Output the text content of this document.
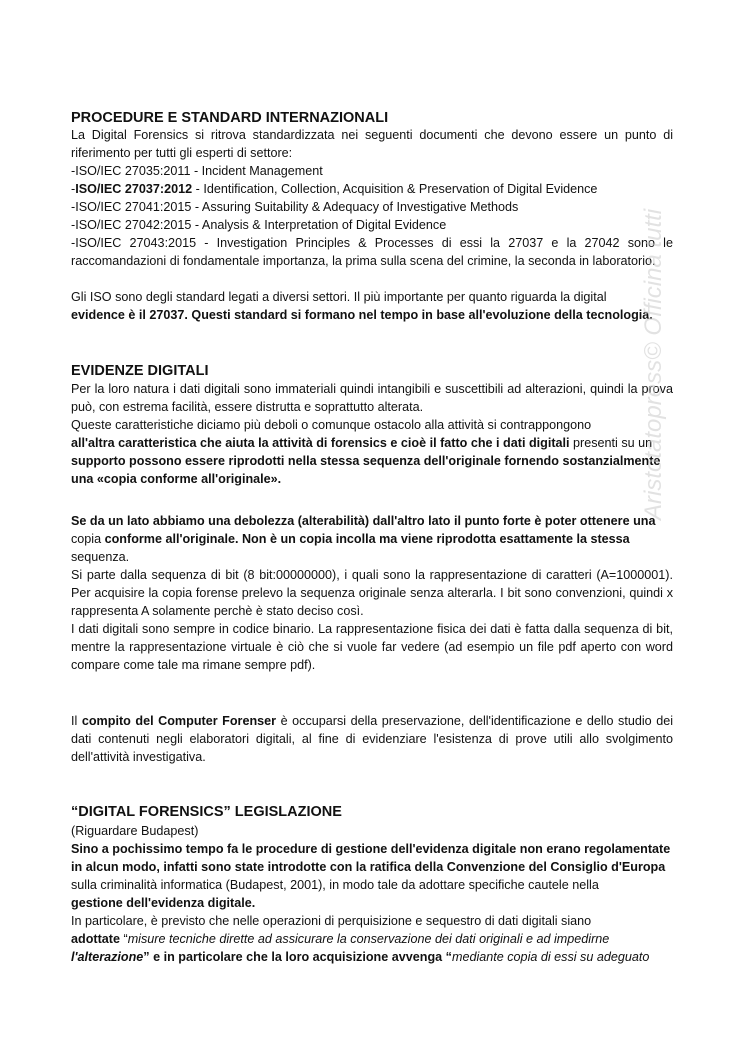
PROCEDURE E STANDARD INTERNAZIONALI
La Digital Forensics si ritrova standardizzata nei seguenti documenti che devono essere un punto di riferimento per tutti gli esperti di settore:
-ISO/IEC 27035:2011 - Incident Management
-ISO/IEC 27037:2012 - Identification, Collection, Acquisition & Preservation of Digital Evidence
-ISO/IEC 27041:2015 - Assuring Suitability & Adequacy of Investigative Methods
-ISO/IEC 27042:2015 - Analysis & Interpretation of Digital Evidence
-ISO/IEC 27043:2015 - Investigation Principles & Processes di essi la 27037 e la 27042 sono le raccomandazioni di fondamentale importanza, la prima sulla scena del crimine, la seconda in laboratorio.
Gli ISO sono degli standard legati a diversi settori. Il più importante per quanto riguarda la digital
evidence è il 27037. Questi standard si formano nel tempo in base all'evoluzione della tecnologia.
EVIDENZE DIGITALI
Per la loro natura i dati digitali sono immateriali quindi intangibili e suscettibili ad alterazioni, quindi la prova può, con estrema facilità, essere distrutta e soprattutto alterata.
Queste caratteristiche diciamo più deboli o comunque ostacolo alla attività si contrappongono
all'altra caratteristica che aiuta la attività di forensics e cioè il fatto che i dati digitali presenti su un
supporto possono essere riprodotti nella stessa sequenza dell'originale fornendo sostanzialmente
una «copia conforme all'originale».
Se da un lato abbiamo una debolezza (alterabilità) dall'altro lato il punto forte è poter ottenere una
copia conforme all'originale. Non è un copia incolla ma viene riprodotta esattamente la stessa
sequenza.
Si parte dalla sequenza di bit (8 bit:00000000), i quali sono la rappresentazione di caratteri (A=1000001). Per acquisire la copia forense prelevo la sequenza originale senza alterarla. I bit sono convenzioni, quindi x rappresenta A solamente perchè è stato deciso così.
I dati digitali sono sempre in codice binario. La rappresentazione fisica dei dati è fatta dalla sequenza di bit, mentre la rappresentazione virtuale è ciò che si vuole far vedere (ad esempio un file pdf aperto con word compare come tale ma rimane sempre pdf).
Il compito del Computer Forenser è occuparsi della preservazione, dell'identificazione e dello studio dei dati contenuti negli elaboratori digitali, al fine di evidenziare l'esistenza di prove utili allo svolgimento dell'attività investigativa.
“DIGITAL FORENSICS” LEGISLAZIONE
(Riguardare Budapest)
Sino a pochissimo tempo fa le procedure di gestione dell'evidenza digitale non erano regolamentate
in alcun modo, infatti sono state introdotte con la ratifica della Convenzione del Consiglio d'Europa
sulla criminalità informatica (Budapest, 2001), in modo tale da adottare specifiche cautele nella
gestione dell'evidenza digitale.
In particolare, è previsto che nelle operazioni di perquisizione e sequestro di dati digitali siano
adottate “misure tecniche dirette ad assicurare la conservazione dei dati originali e ad impedirne
l'alterazione” e in particolare che la loro acquisizione avvenga “mediante copia di essi su adeguato
Aristotatopress© Officina tutti
